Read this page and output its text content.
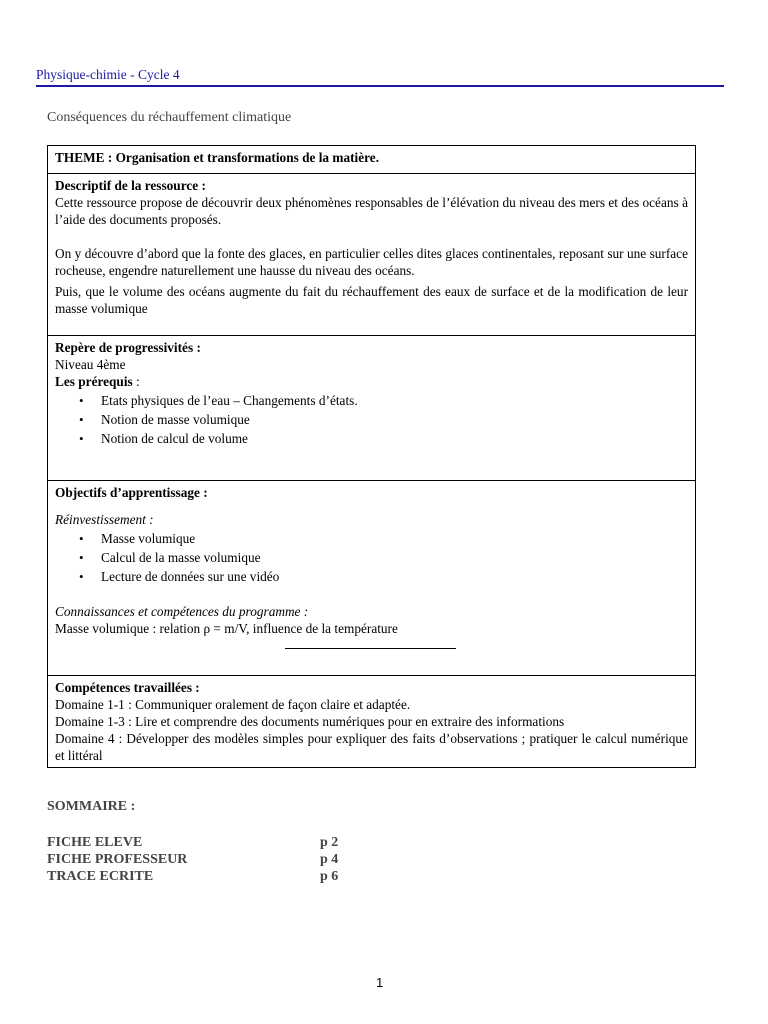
Physique-chimie - Cycle 4
Conséquences du réchauffement climatique
THEME : Organisation et transformations de la matière.

Descriptif de la ressource :

Cette ressource propose de découvrir deux phénomènes responsables de l’élévation du niveau des mers et des océans à l’aide des documents proposés.

On y découvre d’abord que la fonte des glaces, en particulier celles dites glaces continentales, reposant sur une surface rocheuse, engendre naturellement une hausse du niveau des océans.

Puis, que le volume des océans augmente du fait du réchauffement des eaux de surface et de la modification de leur masse volumique

Repère de progressivités :
Niveau 4ème
Les prérequis :
• Etats physiques de l’eau – Changements d’états.
• Notion de masse volumique
• Notion de calcul de volume

Objectifs d’apprentissage :
Réinvestissement :
• Masse volumique
• Calcul de la masse volumique
• Lecture de données sur une vidéo
Connaissances et compétences du programme :
Masse volumique : relation ρ = m/V, influence de la température

Compétences travaillées :
Domaine 1-1 : Communiquer oralement de façon claire et adaptée.
Domaine 1-3 : Lire et comprendre des documents numériques pour en extraire des informations

Domaine 4 : Développer des modèles simples pour expliquer des faits d’observations ; pratiquer le calcul numérique et littéral

SOMMAIRE :
FICHE ELEVE	p 2
FICHE PROFESSEUR	p 4
TRACE ECRITE	p 6
1
